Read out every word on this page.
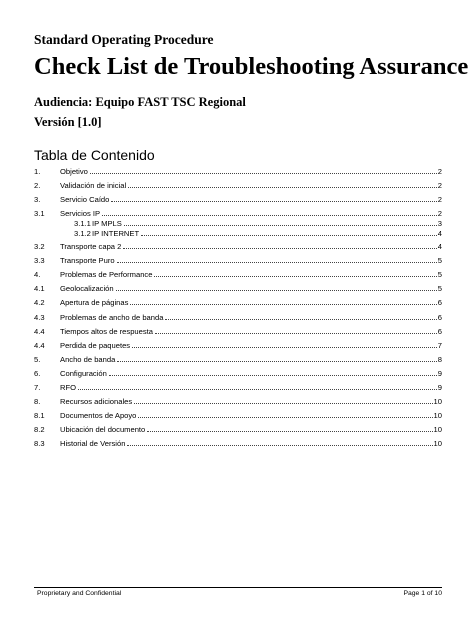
Standard Operating Procedure
Check List de Troubleshooting Assurance
Audiencia: Equipo FAST TSC Regional
Versión [1.0]
Tabla de Contenido
1.	Objetivo	2
2.	Validación de inicial	2
3.	Servicio Caído	2
3.1	Servicios IP	2
3.1.1 IP MPLS	3
3.1.2 IP INTERNET	4
3.2	Transporte capa 2	4
3.3	Transporte Puro	5
4.	Problemas de Performance	5
4.1	Geolocalización	5
4.2	Apertura de páginas	6
4.3	Problemas de ancho de banda	6
4.4	Tiempos altos de respuesta	6
4.4	Perdida de paquetes	7
5.	Ancho de banda	8
6.	Configuración	9
7.	RFO	9
8.	Recursos adicionales	10
8.1	Documentos de Apoyo	10
8.2	Ubicación del documento	10
8.3	Historial de Versión	10
Proprietary and Confidential	Page 1 of 10
